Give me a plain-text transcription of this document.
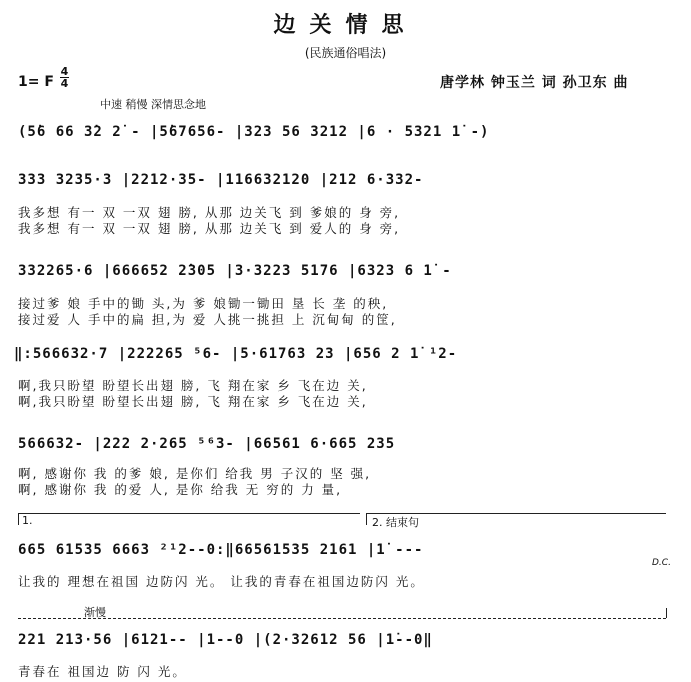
边关情思
(民族通俗唱法)
1= F
4
4	唐学林 钟玉兰 词 孙卫东 曲
中速 稍慢 深情思念地
(5̇6 66 3̇2 2̇ - |5̇67656- |323 56 3212 |6 · 5321 1̇ -)
333 3235·3 |2212·35- |116632120 |212 6·332-
我多想 有一 双 一双 翅 膀, 从那 边关飞 到 爹娘的 身 旁,
我多想 有一 双 一双 翅 膀, 从那 边关飞 到 爱人的 身 旁,
332265·6 |666652 2̇305 |3·3223 5176 |6323 6 1̇ -
接过爹 娘 手中的锄 头,为 爹 娘锄一锄田 垦 长 垄 的秧,
接过爱 人 手中的扁 担,为 爱 人挑一挑担 上 沉甸甸 的筐,
‖:566632·7 |222265 ⁵6- |5·61763 23 |656 2 1̇ ¹2-
啊,我只盼望 盼望长出翅 膀, 飞 翔在家 乡 飞在边 关,
啊,我只盼望 盼望长出翅 膀, 飞 翔在家 乡 飞在边 关,
566632- |222 2·265 ⁵⁶3- |66561 6·665 235
啊, 感谢你 我 的爹 娘, 是你们 给我 男 子汉的 坚 强,
啊, 感谢你 我 的爱 人, 是你 给我 无 穷的 力 量,
1.	2. 结束句
665 61535 6663 ²¹2--0:‖66561535 2161 |1̇ ---
让我的 理想在祖国 边防闪 光。 让我的青春在祖国边防闪 光。
D.C.
渐慢
221 213·56 |6121-- |1--0 |(2·32612 56 |1̇--0‖
青春在 祖国边 防 闪 光。
